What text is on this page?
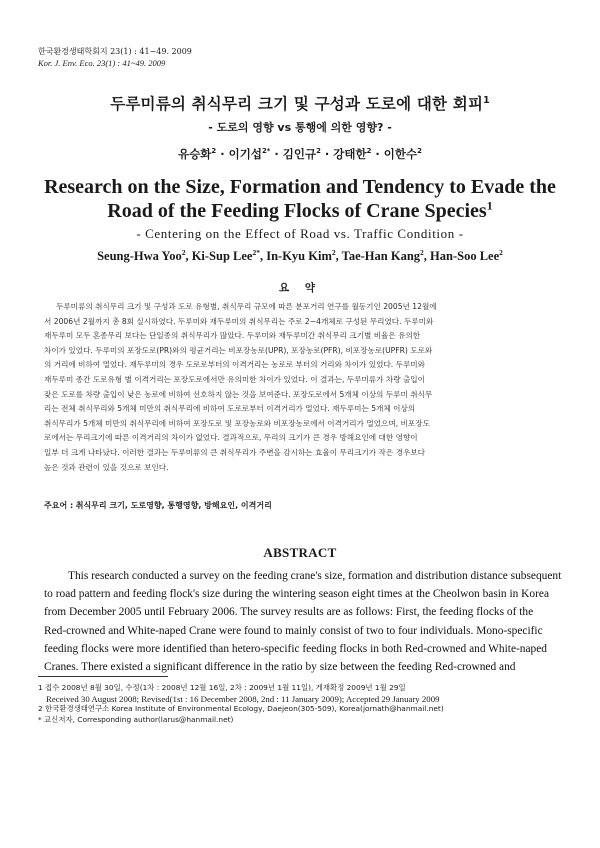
한국환경생태학회지 23(1) : 41~49. 2009
Kor. J. Env. Eco. 23(1) : 41~49. 2009
두루미류의 취식무리 크기 및 구성과 도로에 대한 회피$^1$
- 도로의 영향 vs 통행에 의한 영향? -
유승화$^2$ · 이기섭$^{2*}$ · 김인규$^2$ · 강태한$^2$ · 이한수$^2$
Research on the Size, Formation and Tendency to Evade the
Road of the Feeding Flocks of Crane Species$^1$
- Centering on the Effect of Road vs. Traffic Condition -
Seung-Hwa Yoo$^2$, Ki-Sup Lee$^{2*}$, In-Kyu Kim$^2$, Tae-Han Kang$^2$, Han-Soo Lee$^2$
요 약
두루미류의 취식무리 크기 및 구성과 도로 유형별, 취식무리 규모에 따른 분포거리 연구를 월동기인 2005년 12월에
서 2006년 2월까지 총 8회 실시하였다. 두루미와 재두루미의 취식무리는 주로 2~4개체로 구성된 무리였다. 두루미와
재두루미 모두 혼종무리 보다는 단일종의 취식무리가 많았다. 두루미와 재두루미간 취식무리 크기별 비율은 유의한
차이가 있었다. 두루미의 포장도로(PR)와의 평균거리는 비포장농로(UPR), 포장농로(PFR), 비포장농로(UPFR) 도로와
의 거리에 비하여 멀었다. 재두루미의 경우 도로로부터의 이격거리는 농로로 부터의 거리와 차이가 있었다. 두루미와
재두루미 종간 도로유형 별 이격거리는 포장도로에서만 유의미한 차이가 있었다. 이 결과는, 두루미류가 차량 출입이
잦은 도로를 차량 출입이 낮은 농로에 비하여 선호하지 않는 것을 보여준다. 포장도로에서 5개체 이상의 두루미 취식무
리는 전체 취식무리와 5개체 미만의 취식무리에 비하여 도로로부터 이격거리가 멀었다. 재두루미는 5개체 이상의
취식무리가 5개체 미만의 취식무리에 비하여 포장도로 및 포장농로와 비포장농로에서 이격거리가 멀었으며, 비포장도
로에서는 무리크기에 따른 이격거리의 차이가 없었다. 결과적으로, 무리의 크기가 큰 경우 방해요인에 대한 영향이
일부 더 크게 나타났다. 이러한 결과는 두루미류의 큰 취식무리가 주변을 감시하는 효율이 무리크기가 작은 경우보다
높은 것과 관련이 있을 것으로 보인다.
주요어 : 취식무리 크기, 도로영향, 통행영향, 방해요인, 이격거리
ABSTRACT
This research conducted a survey on the feeding crane's size, formation and distribution distance subsequent
to road pattern and feeding flock's size during the wintering season eight times at the Cheolwon basin in Korea
from December 2005 until February 2006. The survey results are as follows: First, the feeding flocks of the
Red-crowned and White-naped Crane were found to mainly consist of two to four individuals. Mono-specific
feeding flocks were more identified than hetero-specific feeding flocks in both Red-crowned and White-naped
Cranes. There existed a significant difference in the ratio by size between the feeding Red-crowned and
1 접수 2008년 8월 30일, 수정(1차 : 2008년 12월 16일, 2차 : 2009년 1월 11일), 게재확정 2009년 1월 29일
Received 30 August 2008; Revised(1st : 16 December 2008, 2nd : 11 January 2009); Accepted 29 January 2009
2 한국환경생태연구소 Korea Institute of Environmental Ecology, Daejeon(305-509), Korea(jornath@hanmail.net)
* 교신저자, Corresponding author(larus@hanmail.net)
